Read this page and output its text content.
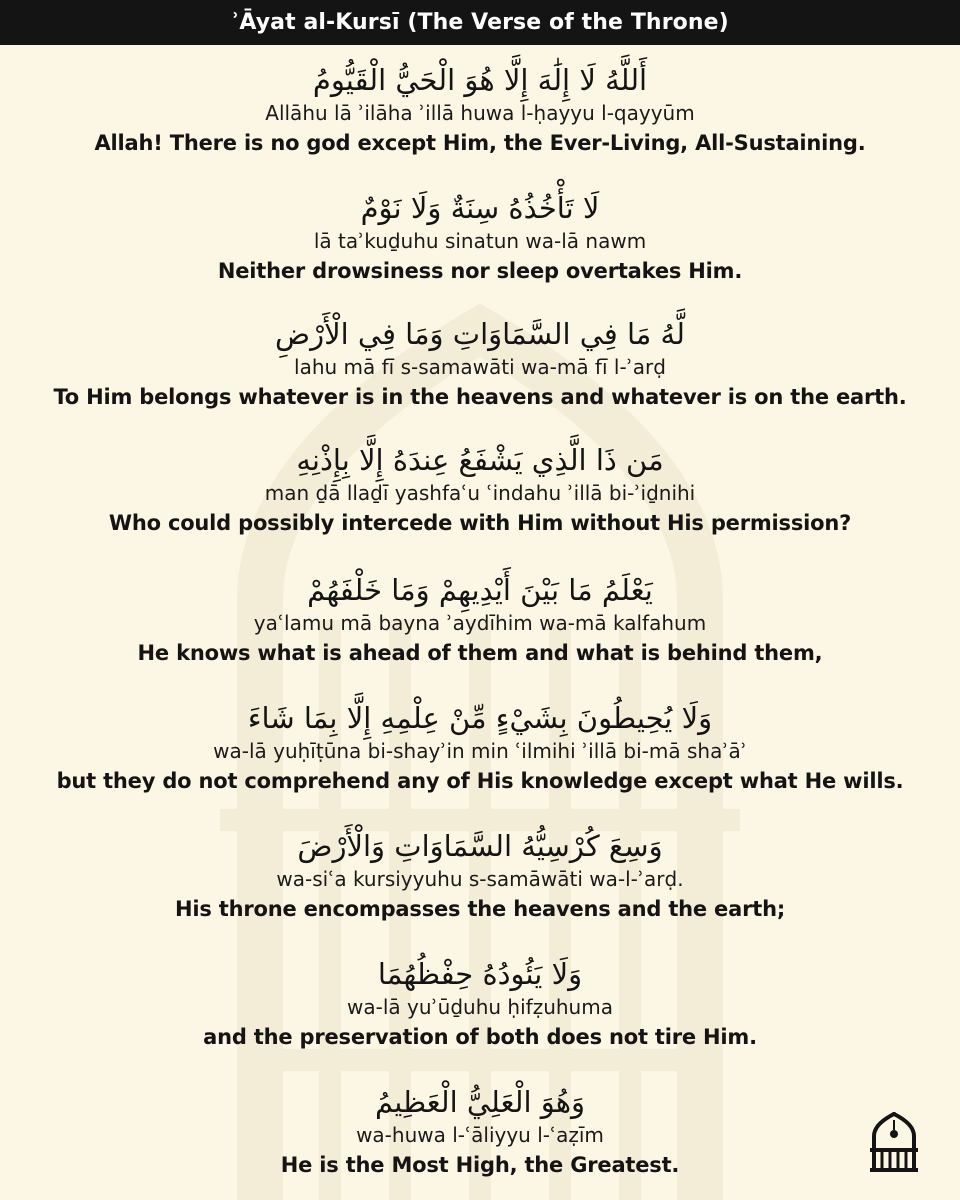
ʾĀyat al-Kursī (The Verse of the Throne)
أَللَّهُ لَا إِلَٰهَ إِلَّا هُوَ الْحَيُّ الْقَيُّومُ
Allāhu lā ʾilāha ʾillā huwa l-ḥayyu l-qayyūm
Allah! There is no god except Him, the Ever-Living, All-Sustaining.
لَا تَأْخُذُهُ سِنَةٌ وَلَا نَوْمٌ
lā taʾkuḏuhu sinatun wa-lā nawm
Neither drowsiness nor sleep overtakes Him.
لَّهُ مَا فِي السَّمَاوَاتِ وَمَا فِي الْأَرْضِ
lahu mā fī s-samawāti wa-mā fī l-ʾarḍ
To Him belongs whatever is in the heavens and whatever is on the earth.
مَن ذَا الَّذِي يَشْفَعُ عِندَهُ إِلَّا بِإِذْنِهِ
man ḏā llaḏī yashfaʿu ʿindahu ʾillā bi-ʾiḏnihi
Who could possibly intercede with Him without His permission?
يَعْلَمُ مَا بَيْنَ أَيْدِيهِمْ وَمَا خَلْفَهُمْ
yaʿlamu mā bayna ʾaydīhim wa-mā kalfahum
He knows what is ahead of them and what is behind them,
وَلَا يُحِيطُونَ بِشَيْءٍ مِّنْ عِلْمِهِ إِلَّا بِمَا شَاءَ
wa-lā yuḥīṭūna bi-shayʾin min ʿilmihi ʾillā bi-mā shaʾāʾ
but they do not comprehend any of His knowledge except what He wills.
وَسِعَ كُرْسِيُّهُ السَّمَاوَاتِ وَالْأَرْضَ
wa-siʿa kursiyyuhu s-samāwāti wa-l-ʾarḍ.
His throne encompasses the heavens and the earth;
وَلَا يَئُودُهُ حِفْظُهُمَا
wa-lā yuʾūḏuhu ḥifẓuhuma
and the preservation of both does not tire Him.
وَهُوَ الْعَلِيُّ الْعَظِيمُ
wa-huwa l-ʿāliyyu l-ʿaẓīm
He is the Most High, the Greatest.
